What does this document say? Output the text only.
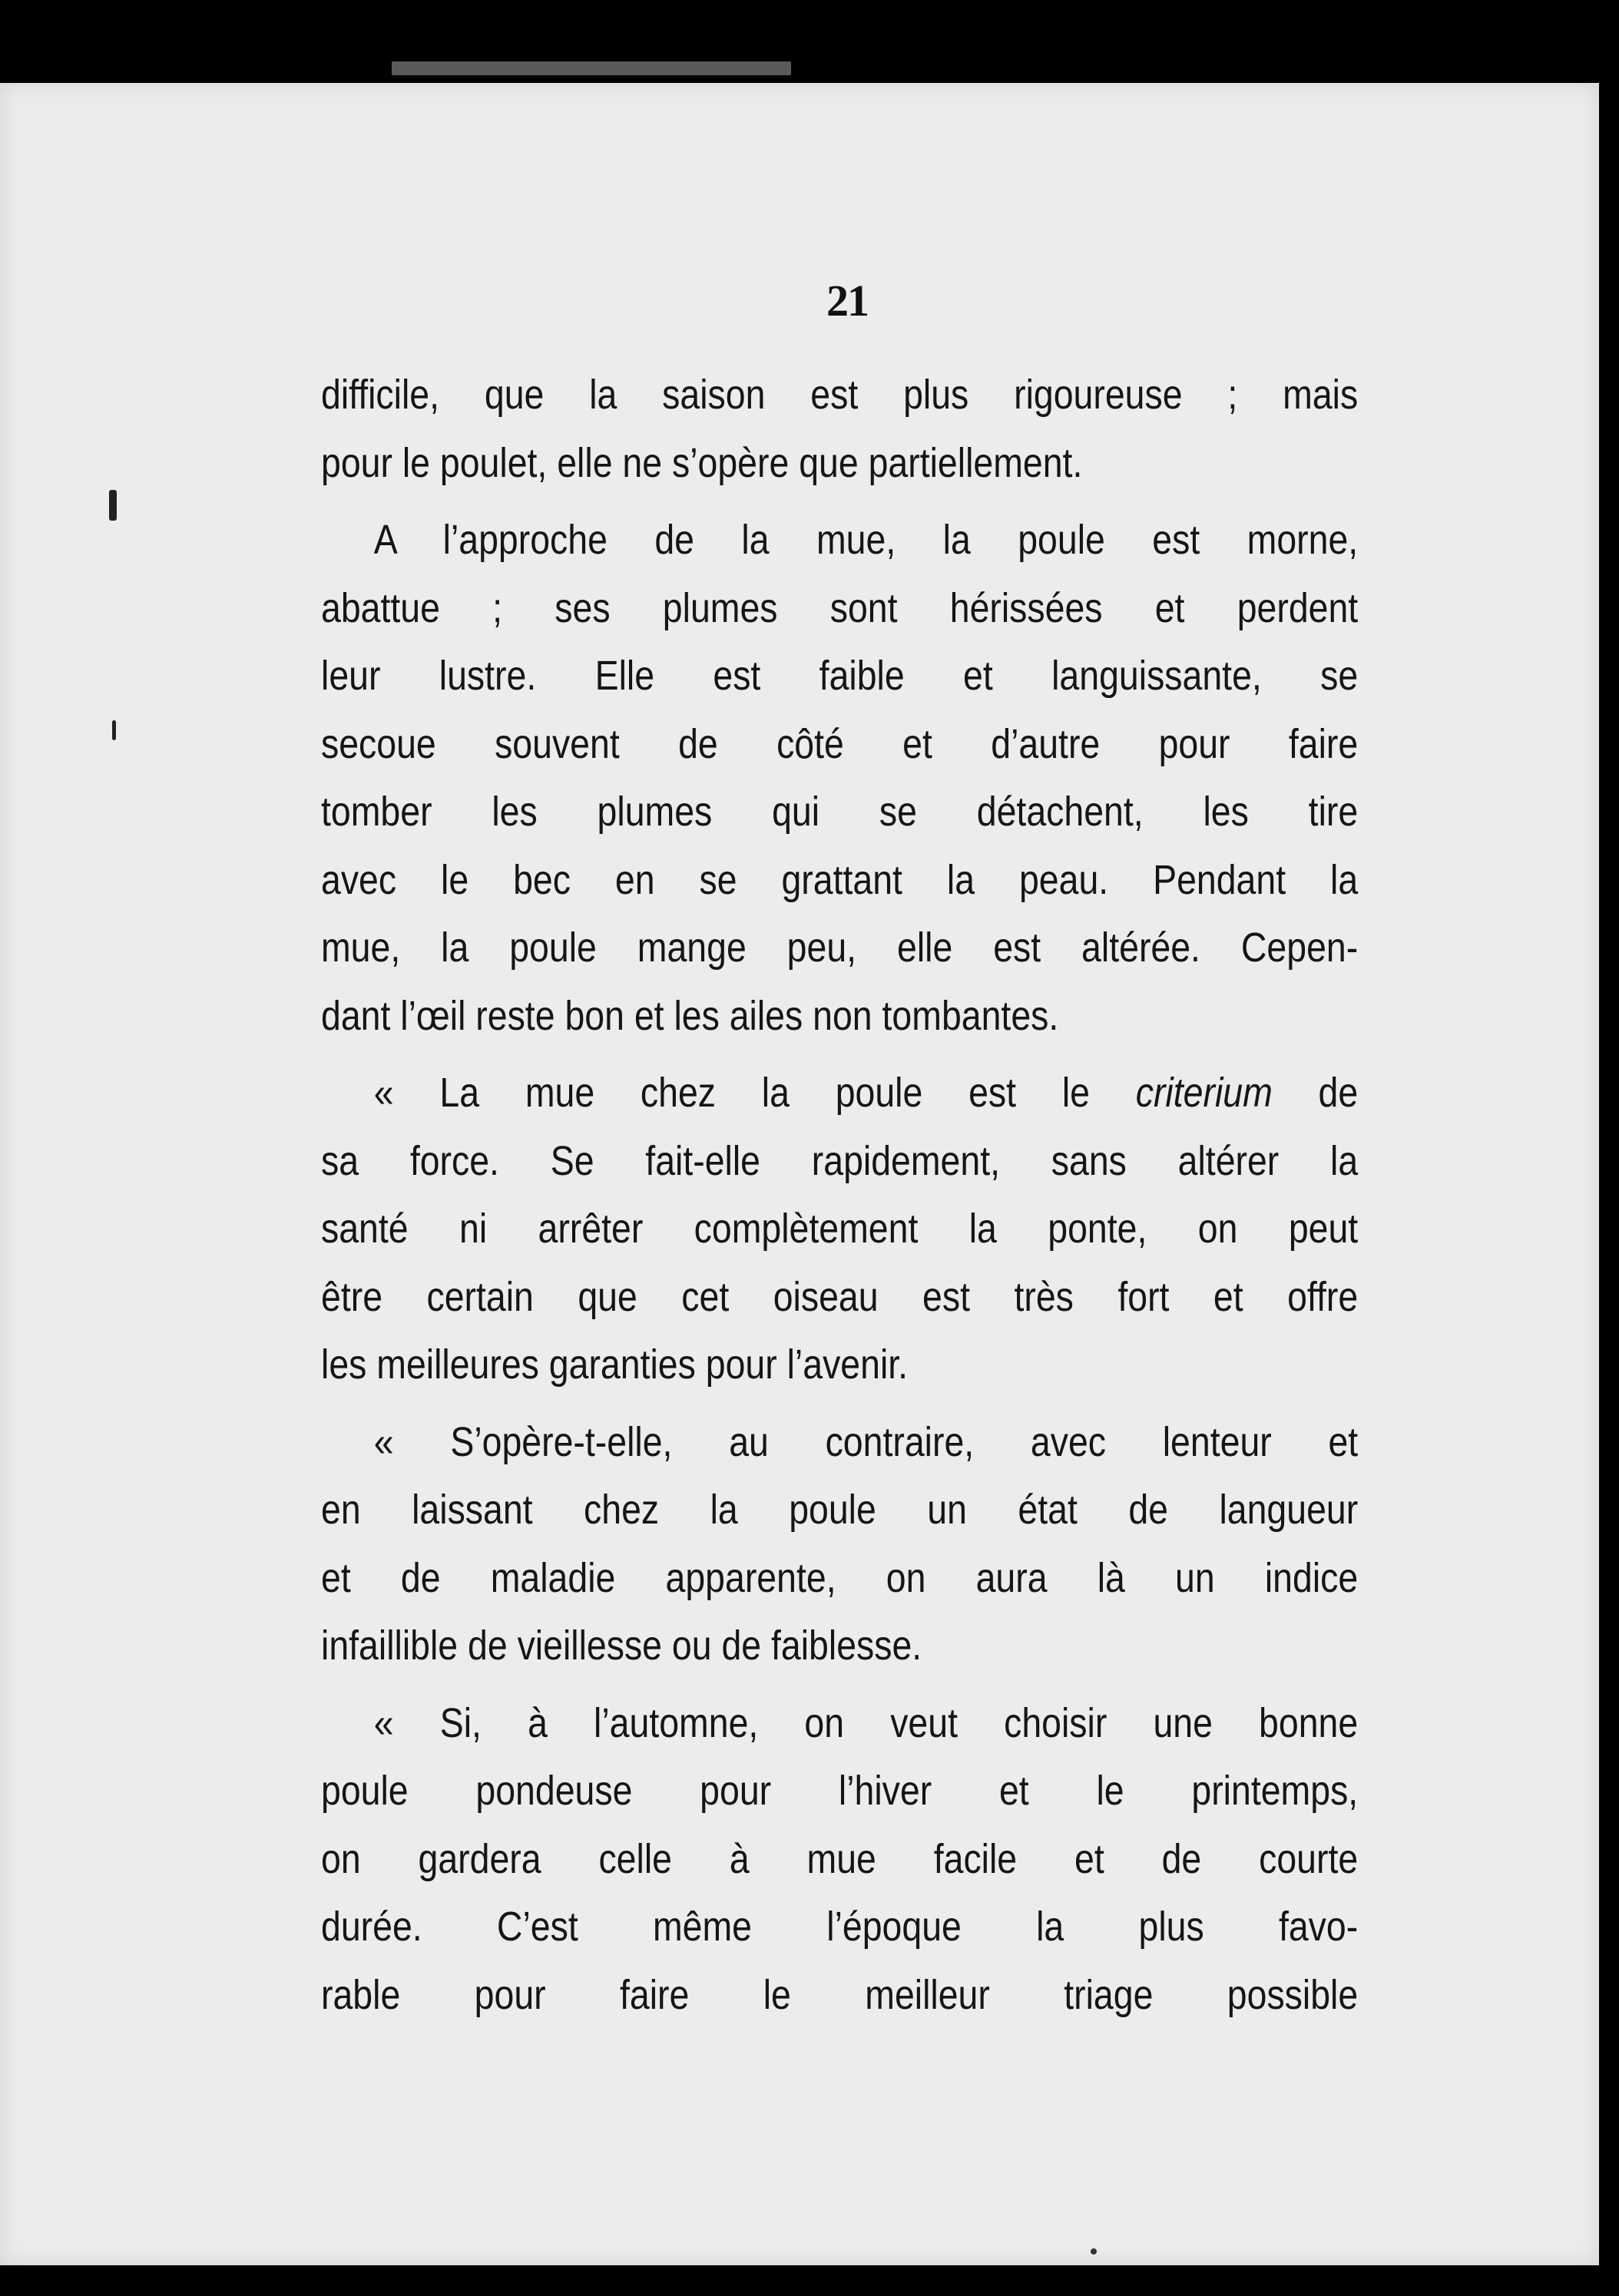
21
difficile, que la saison est plus rigoureuse ; mais
pour le poulet, elle ne s’opère que partiellement.
A l’approche de la mue, la poule est morne,
abattue ; ses plumes sont hérissées et perdent
leur lustre. Elle est faible et languissante, se
secoue souvent de côté et d’autre pour faire
tomber les plumes qui se détachent, les tire
avec le bec en se grattant la peau. Pendant la
mue, la poule mange peu, elle est altérée. Cepen-
dant l’œil reste bon et les ailes non tombantes.
« La mue chez la poule est le criterium de
sa force. Se fait-elle rapidement, sans altérer la
santé ni arrêter complètement la ponte, on peut
être certain que cet oiseau est très fort et offre
les meilleures garanties pour l’avenir.
« S’opère-t-elle, au contraire, avec lenteur et
en laissant chez la poule un état de langueur
et de maladie apparente, on aura là un indice
infaillible de vieillesse ou de faiblesse.
« Si, à l’automne, on veut choisir une bonne
poule pondeuse pour l’hiver et le printemps,
on gardera celle à mue facile et de courte
durée. C’est même l’époque la plus favo-
rable pour faire le meilleur triage possible
